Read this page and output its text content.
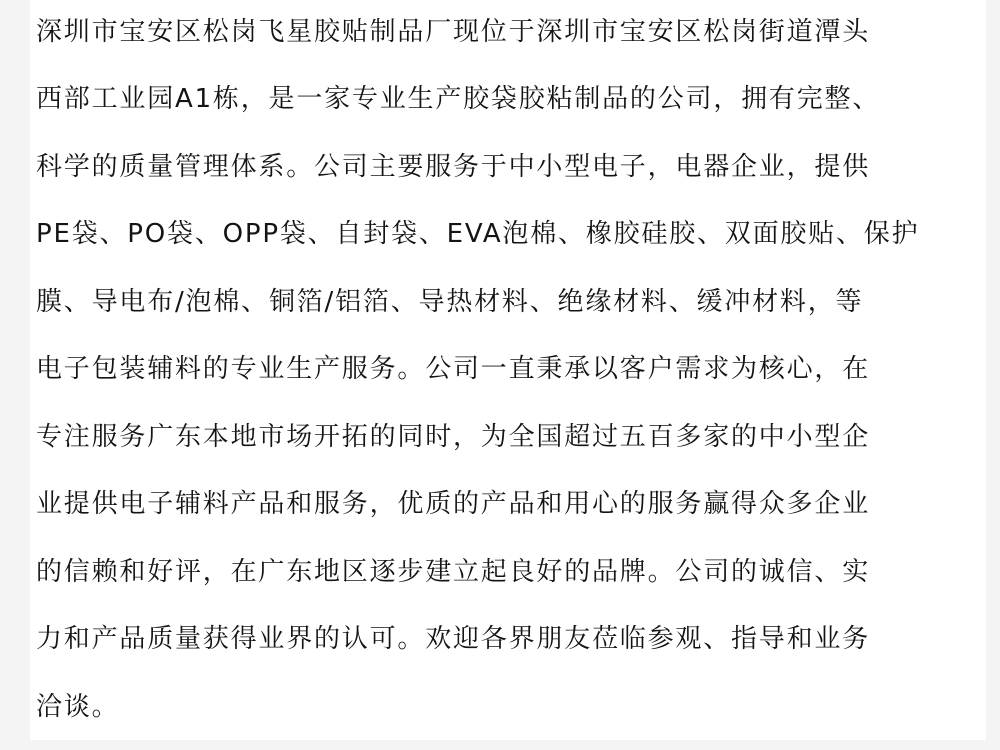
深圳市宝安区松岗飞星胶贴制品厂现位于深圳市宝安区松岗街道潭头
西部工业园A1栋，是一家专业生产胶袋胶粘制品的公司，拥有完整、
科学的质量管理体系。公司主要服务于中小型电子，电器企业，提供
PE袋、PO袋、OPP袋、自封袋、EVA泡棉、橡胶硅胶、双面胶贴、保护
膜、导电布/泡棉、铜箔/铝箔、导热材料、绝缘材料、缓冲材料，等
电子包装辅料的专业生产服务。公司一直秉承以客户需求为核心，在
专注服务广东本地市场开拓的同时，为全国超过五百多家的中小型企
业提供电子辅料产品和服务，优质的产品和用心的服务赢得众多企业
的信赖和好评，在广东地区逐步建立起良好的品牌。公司的诚信、实
力和产品质量获得业界的认可。欢迎各界朋友莅临参观、指导和业务
洽谈。
